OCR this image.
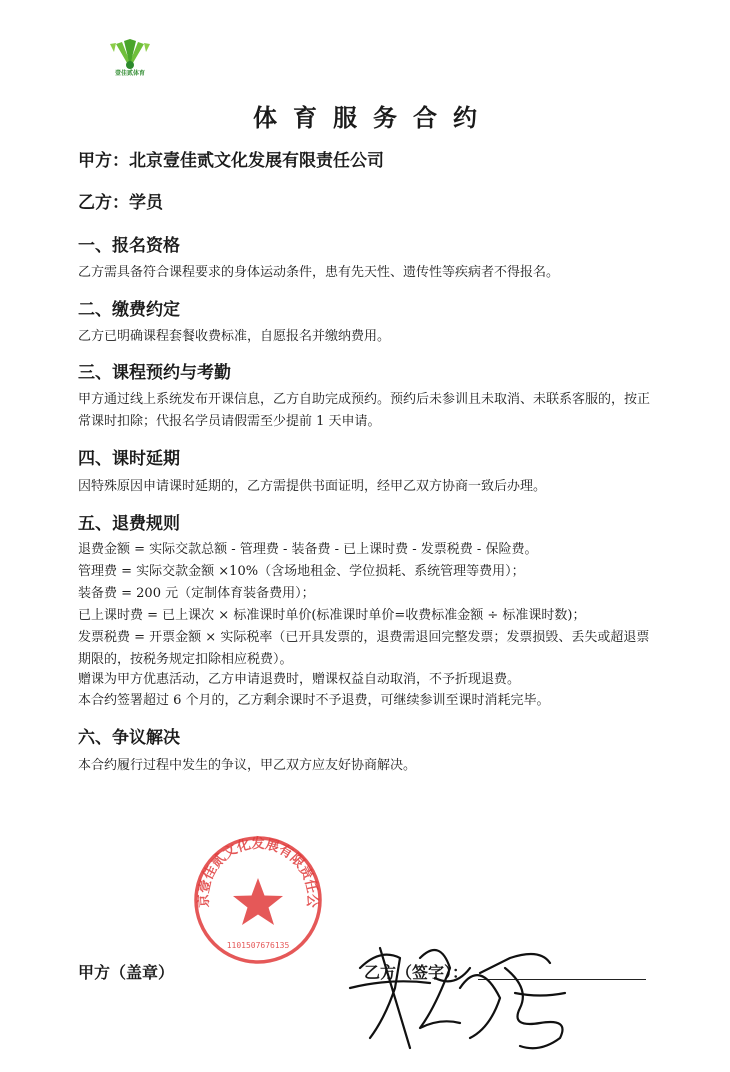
壹佳贰体育
体育服务合约
甲方：北京壹佳贰文化发展有限责任公司
乙方：学员
一、报名资格
乙方需具备符合课程要求的身体运动条件，患有先天性、遗传性等疾病者不得报名。
二、缴费约定
乙方已明确课程套餐收费标准，自愿报名并缴纳费用。
三、课程预约与考勤
甲方通过线上系统发布开课信息，乙方自助完成预约。预约后未参训且未取消、未联系客服的，按正常课时扣除；代报名学员请假需至少提前 1 天申请。
四、课时延期
因特殊原因申请课时延期的，乙方需提供书面证明，经甲乙双方协商一致后办理。
五、退费规则
退费金额 = 实际交款总额 - 管理费 - 装备费 - 已上课时费 - 发票税费 - 保险费。
管理费 = 实际交款金额 ×10%（含场地租金、学位损耗、系统管理等费用）；
装备费 = 200 元（定制体育装备费用）；
已上课时费 = 已上课次 × 标准课时单价(标准课时单价=收费标准金额 ÷ 标准课时数)；
发票税费 = 开票金额 × 实际税率（已开具发票的，退费需退回完整发票；发票损毁、丢失或超退票期限的，按税务规定扣除相应税费）。
赠课为甲方优惠活动，乙方申请退费时，赠课权益自动取消，不予折现退费。
本合约签署超过 6 个月的，乙方剩余课时不予退费，可继续参训至课时消耗完毕。
六、争议解决
本合约履行过程中发生的争议，甲乙双方应友好协商解决。
京壹佳贰文化发展有限责任公
1101507676135
甲方（盖章）	乙方（签字）：
